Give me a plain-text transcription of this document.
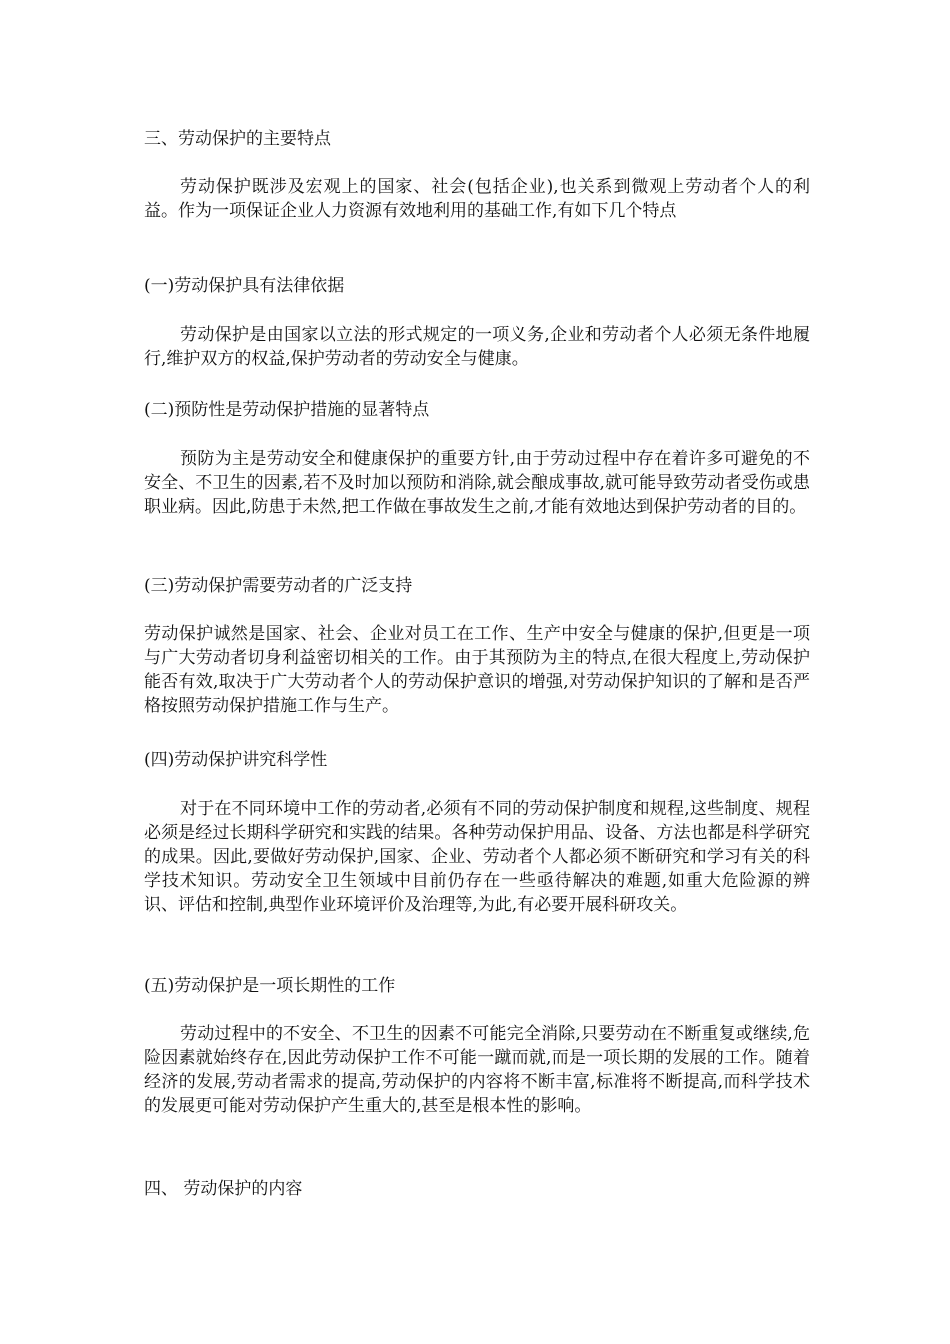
三、劳动保护的主要特点
劳动保护既涉及宏观上的国家、社会(包括企业),也关系到微观上劳动者个人的利益。作为一项保证企业人力资源有效地利用的基础工作,有如下几个特点
(一)劳动保护具有法律依据
劳动保护是由国家以立法的形式规定的一项义务,企业和劳动者个人必须无条件地履行,维护双方的权益,保护劳动者的劳动安全与健康。
(二)预防性是劳动保护措施的显著特点
预防为主是劳动安全和健康保护的重要方针,由于劳动过程中存在着许多可避免的不安全、不卫生的因素,若不及时加以预防和消除,就会酿成事故,就可能导致劳动者受伤或患职业病。因此,防患于未然,把工作做在事故发生之前,才能有效地达到保护劳动者的目的。
(三)劳动保护需要劳动者的广泛支持
劳动保护诚然是国家、社会、企业对员工在工作、生产中安全与健康的保护,但更是一项与广大劳动者切身利益密切相关的工作。由于其预防为主的特点,在很大程度上,劳动保护能否有效,取决于广大劳动者个人的劳动保护意识的增强,对劳动保护知识的了解和是否严格按照劳动保护措施工作与生产。
(四)劳动保护讲究科学性
对于在不同环境中工作的劳动者,必须有不同的劳动保护制度和规程,这些制度、规程必须是经过长期科学研究和实践的结果。各种劳动保护用品、设备、方法也都是科学研究的成果。因此,要做好劳动保护,国家、企业、劳动者个人都必须不断研究和学习有关的科学技术知识。劳动安全卫生领域中目前仍存在一些亟待解决的难题,如重大危险源的辨识、评估和控制,典型作业环境评价及治理等,为此,有必要开展科研攻关。
(五)劳动保护是一项长期性的工作
劳动过程中的不安全、不卫生的因素不可能完全消除,只要劳动在不断重复或继续,危险因素就始终存在,因此劳动保护工作不可能一蹴而就,而是一项长期的发展的工作。随着经济的发展,劳动者需求的提高,劳动保护的内容将不断丰富,标准将不断提高,而科学技术的发展更可能对劳动保护产生重大的,甚至是根本性的影响。
四、 劳动保护的内容
